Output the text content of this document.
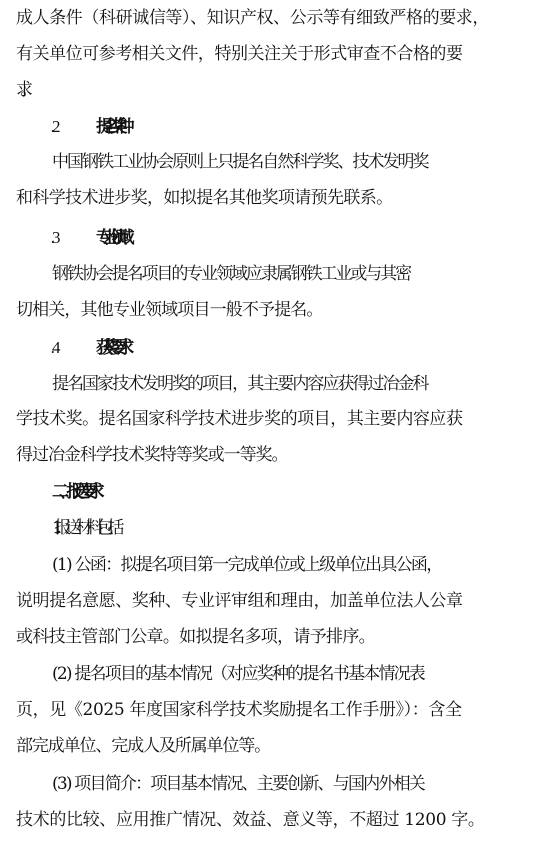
成人条件（科研诚信等）、知识产权、公示等有细致严格的要求，
有关单位可参考相关文件，特别关注关于形式审查不合格的要
求。
提名奖种
中国钢铁工业协会原则上只提名自然科学奖、技术发明奖
和科学技术进步奖，如拟提名其他奖项请预先联系。
专业领域
钢铁协会提名项目的专业领域应隶属钢铁工业或与其密
切相关，其他专业领域项目一般不予提名。
获奖要求
提名国家技术发明奖的项目，其主要内容应获得过冶金科
学技术奖。提名国家科学技术进步奖的项目，其主要内容应获
得过冶金科学技术奖特等奖或一等奖。
二、报送要求
1. 报送材料包括
(1) 公函：拟提名项目第一完成单位或上级单位出具公函，
说明提名意愿、奖种、专业评审组和理由，加盖单位法人公章
或科技主管部门公章。如拟提名多项，请予排序。
(2) 提名项目的基本情况（对应奖种的提名书基本情况表
页，见《2025 年度国家科学技术奖励提名工作手册》）：含全
部完成单位、完成人及所属单位等。
(3) 项目简介：项目基本情况、主要创新、与国内外相关
技术的比较、应用推广情况、效益、意义等，不超过 1200 字。
